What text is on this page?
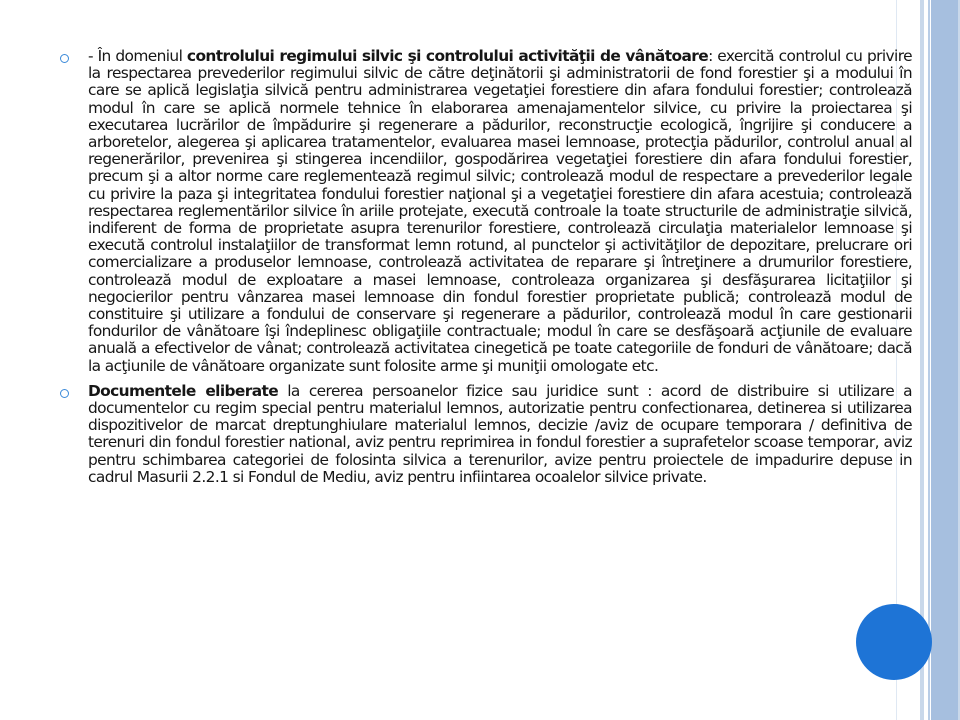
- În domeniul controlului regimului silvic şi controlului activităţii de vânătoare: exercită controlul cu privire la respectarea prevederilor regimului silvic de către deţinătorii şi administratorii de fond forestier şi a modului în care se aplică legislaţia silvică pentru administrarea vegetaţiei forestiere din afara fondului forestier; controlează modul în care se aplică normele tehnice în elaborarea amenajamentelor silvice, cu privire la proiectarea şi executarea lucrărilor de împădurire şi regenerare a pădurilor, reconstrucţie ecologică, îngrijire şi conducere a arboretelor, alegerea şi aplicarea tratamentelor, evaluarea masei lemnoase, protecţia pădurilor, controlul anual al regenerărilor, prevenirea şi stingerea incendiilor, gospodărirea vegetaţiei forestiere din afara fondului forestier, precum şi a altor norme care reglementează regimul silvic; controlează modul de respectare a prevederilor legale cu privire la paza şi integritatea fondului forestier naţional şi a vegetaţiei forestiere din afara acestuia; controlează respectarea reglementărilor silvice în ariile protejate, execută controale la toate structurile de administraţie silvică, indiferent de forma de proprietate asupra terenurilor forestiere, controlează circulaţia materialelor lemnoase şi execută controlul instalaţiilor de transformat lemn rotund, al punctelor şi activităţilor de depozitare, prelucrare ori comercializare a produselor lemnoase, controlează activitatea de reparare şi întreţinere a drumurilor forestiere, controlează modul de exploatare a masei lemnoase, controleaza organizarea şi desfăşurarea licitaţiilor şi negocierilor pentru vânzarea masei lemnoase din fondul forestier proprietate publică; controlează modul de constituire şi utilizare a fondului de conservare şi regenerare a pădurilor, controlează modul în care gestionarii fondurilor de vânătoare îşi îndeplinesc obligaţiile contractuale; modul în care se desfăşoară acţiunile de evaluare anuală a efectivelor de vânat; controlează activitatea cinegetică pe toate categoriile de fonduri de vânătoare; dacă la acţiunile de vânătoare organizate sunt folosite arme şi muniţii omologate etc.

Documentele eliberate la cererea persoanelor fizice sau juridice sunt : acord de distribuire si utilizare a documentelor cu regim special pentru materialul lemnos, autorizatie pentru confectionarea, detinerea si utilizarea dispozitivelor de marcat dreptunghiulare materialul lemnos, decizie /aviz de ocupare temporara / definitiva de terenuri din fondul forestier national, aviz pentru reprimirea in fondul forestier a suprafetelor scoase temporar, aviz pentru schimbarea categoriei de folosinta silvica a terenurilor, avize pentru proiectele de impadurire depuse in cadrul Masurii 2.2.1 si Fondul de Mediu, aviz pentru infiintarea ocoalelor silvice private.
